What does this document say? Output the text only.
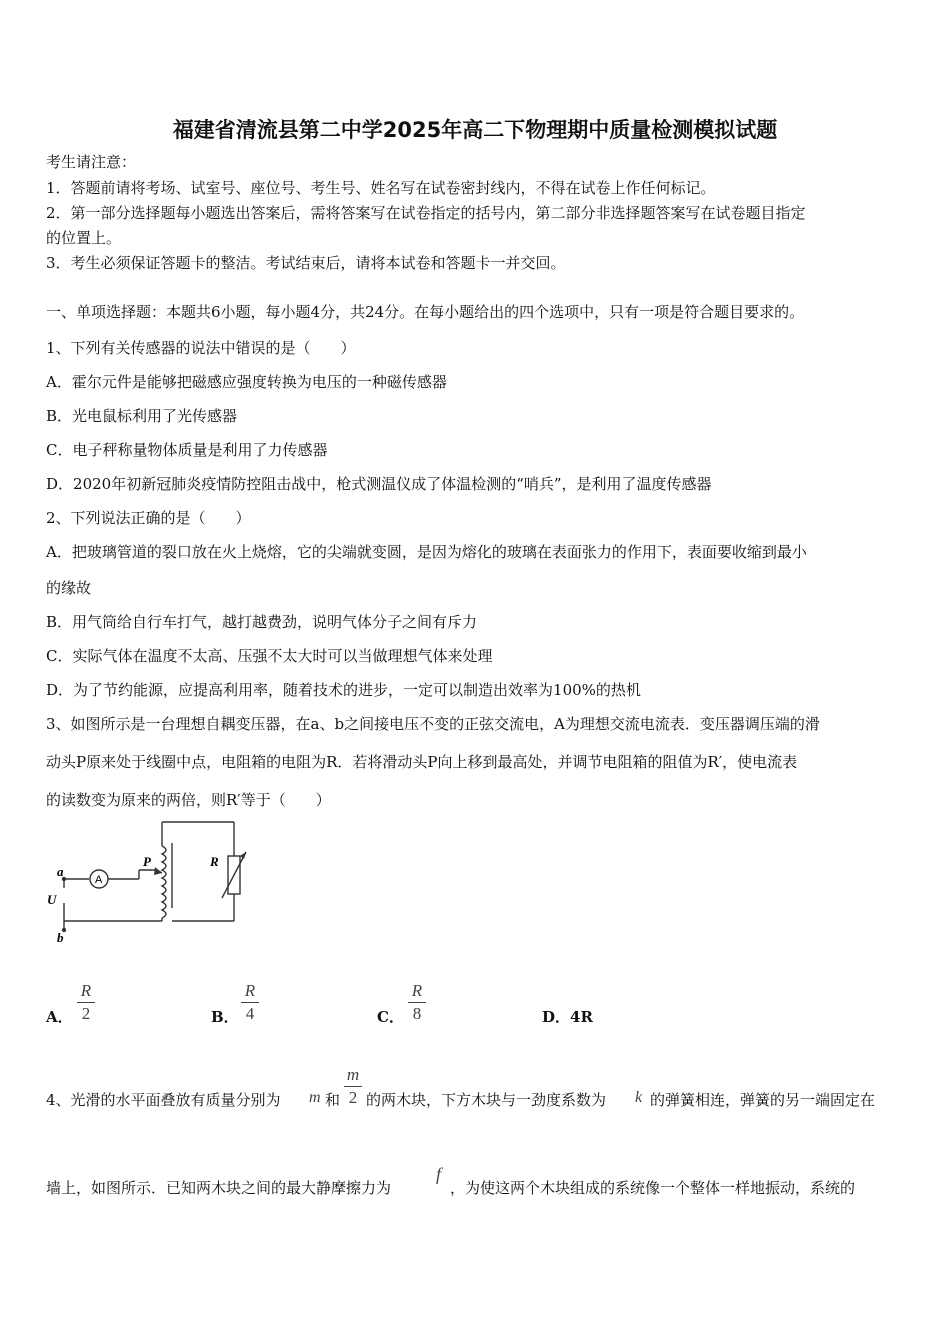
福建省清流县第二中学2025年高二下物理期中质量检测模拟试题
考生请注意：
1．答题前请将考场、试室号、座位号、考生号、姓名写在试卷密封线内，不得在试卷上作任何标记。
2．第一部分选择题每小题选出答案后，需将答案写在试卷指定的括号内，第二部分非选择题答案写在试卷题目指定
的位置上。
3．考生必须保证答题卡的整洁。考试结束后，请将本试卷和答题卡一并交回。
一、单项选择题：本题共6小题，每小题4分，共24分。在每小题给出的四个选项中，只有一项是符合题目要求的。
1、下列有关传感器的说法中错误的是（　　）
A．霍尔元件是能够把磁感应强度转换为电压的一种磁传感器
B．光电鼠标利用了光传感器
C．电子秤称量物体质量是利用了力传感器
D．2020年初新冠肺炎疫情防控阻击战中，枪式测温仪成了体温检测的“哨兵”，是利用了温度传感器
2、下列说法正确的是（　　）
A．把玻璃管道的裂口放在火上烧熔，它的尖端就变圆，是因为熔化的玻璃在表面张力的作用下，表面要收缩到最小
的缘故
B．用气筒给自行车打气，越打越费劲，说明气体分子之间有斥力
C．实际气体在温度不太高、压强不太大时可以当做理想气体来处理
D．为了节约能源，应提高利用率，随着技术的进步，一定可以制造出效率为100%的热机
3、如图所示是一台理想自耦变压器，在a、b之间接电压不变的正弦交流电，A为理想交流电流表．变压器调压端的滑
动头P原来处于线圈中点，电阻箱的电阻为R．若将滑动头P向上移到最高处，并调节电阻箱的阻值为R′，使电流表
的读数变为原来的两倍，则R′等于（　　）
A
a
b
U
P	R
A．
R
2	B．
R
4	C．
R
8	D．4R
4、光滑的水平面叠放有质量分别为 m 和
m
2 的两木块，下方木块与一劲度系数为 k 的弹簧相连，弹簧的另一端固定在
墙上，如图所示．已知两木块之间的最大静摩擦力为
f
，为使这两个木块组成的系统像一个整体一样地振动，系统的
